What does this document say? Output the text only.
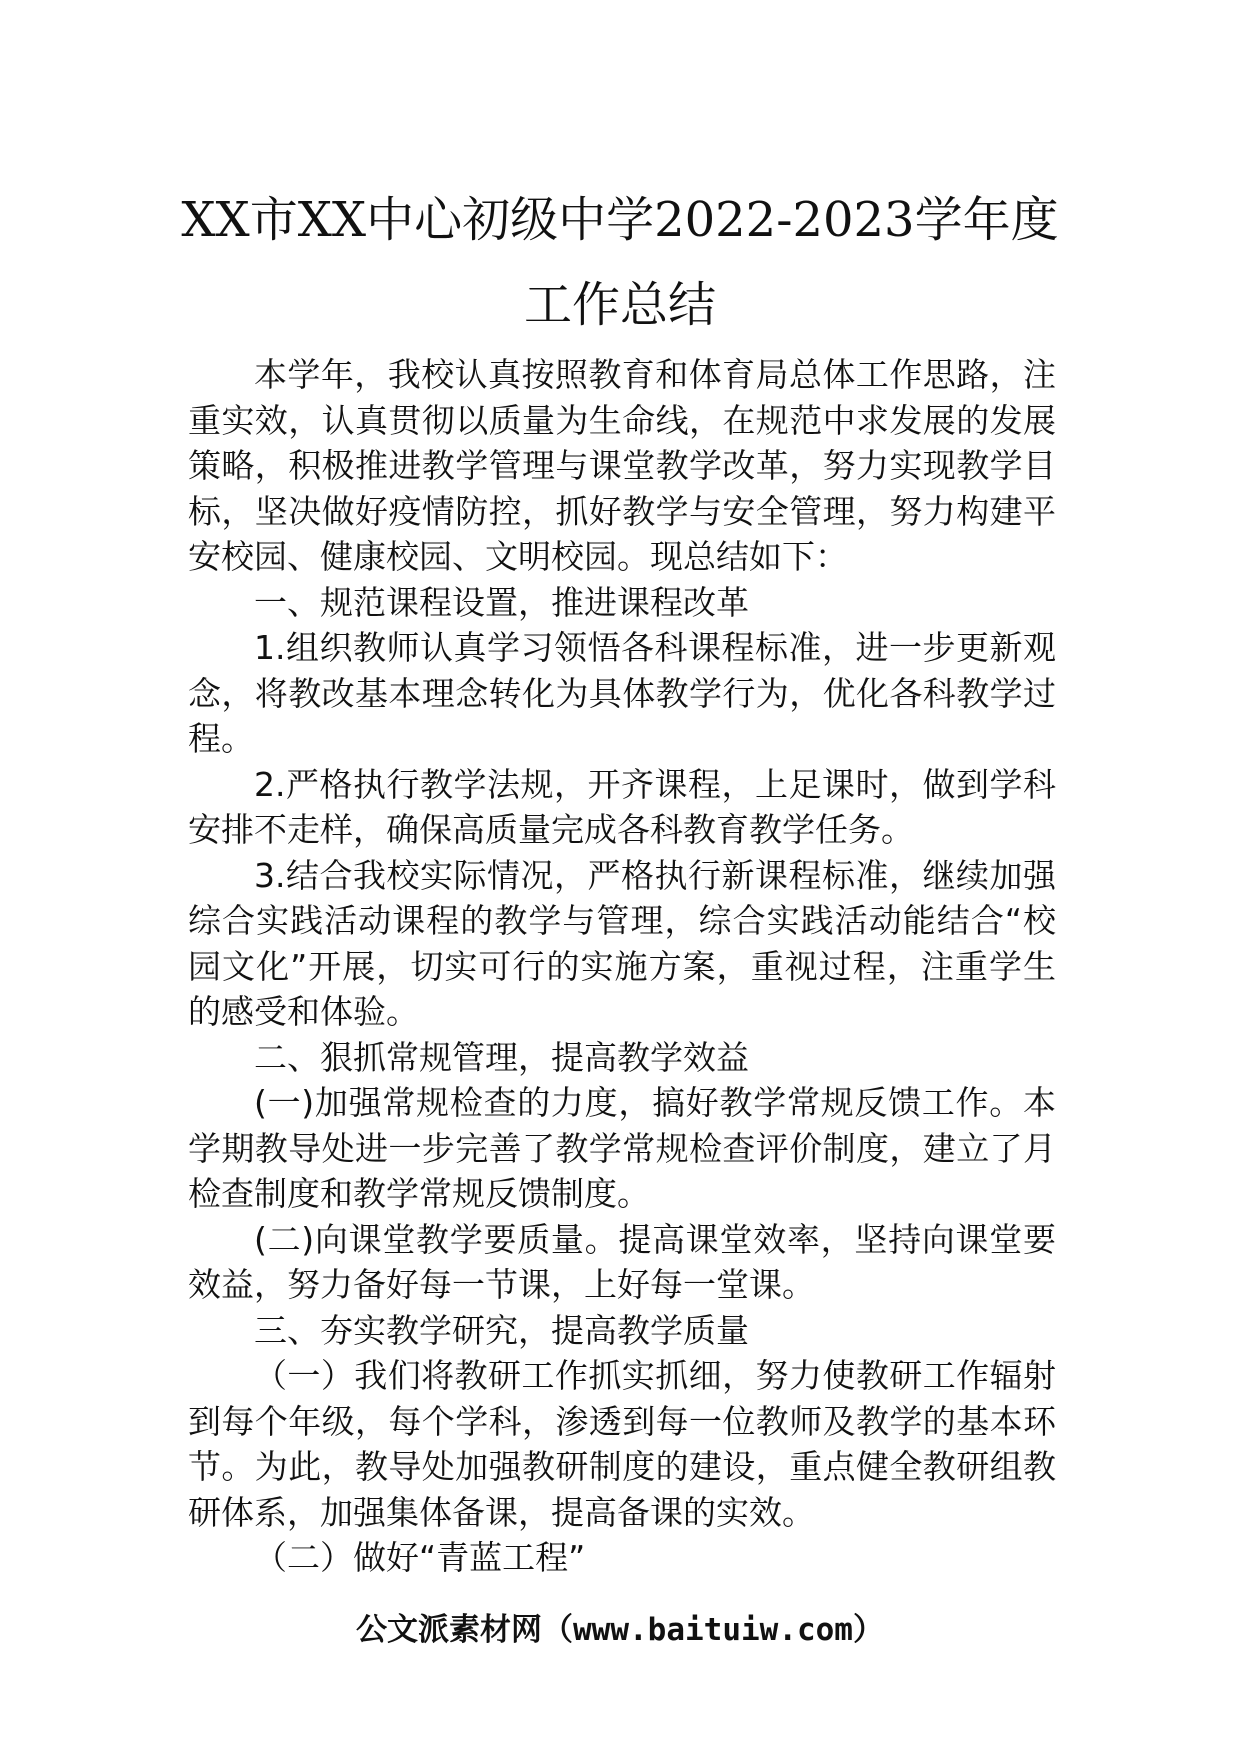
XX市XX中心初级中学2022-2023学年度
工作总结

本学年，我校认真按照教育和体育局总体工作思路，注重实效，认真贯彻以质量为生命线，在规范中求发展的发展策略，积极推进教学管理与课堂教学改革，努力实现教学目标，坚决做好疫情防控，抓好教学与安全管理，努力构建平安校园、健康校园、文明校园。现总结如下：

一、规范课程设置，推进课程改革

1.组织教师认真学习领悟各科课程标准，进一步更新观念，将教改基本理念转化为具体教学行为，优化各科教学过程。

2.严格执行教学法规，开齐课程，上足课时，做到学科安排不走样，确保高质量完成各科教育教学任务。

3.结合我校实际情况，严格执行新课程标准，继续加强综合实践活动课程的教学与管理，综合实践活动能结合“校园文化”开展，切实可行的实施方案，重视过程，注重学生的感受和体验。

二、狠抓常规管理，提高教学效益

(一)加强常规检查的力度，搞好教学常规反馈工作。本学期教导处进一步完善了教学常规检查评价制度，建立了月检查制度和教学常规反馈制度。

(二)向课堂教学要质量。提高课堂效率，坚持向课堂要效益，努力备好每一节课，上好每一堂课。

三、夯实教学研究，提高教学质量

（一）我们将教研工作抓实抓细，努力使教研工作辐射到每个年级，每个学科，渗透到每一位教师及教学的基本环节。为此，教导处加强教研制度的建设，重点健全教研组教研体系，加强集体备课，提高备课的实效。

（二）做好“青蓝工程”

公文派素材网（www.baituiw.com）
